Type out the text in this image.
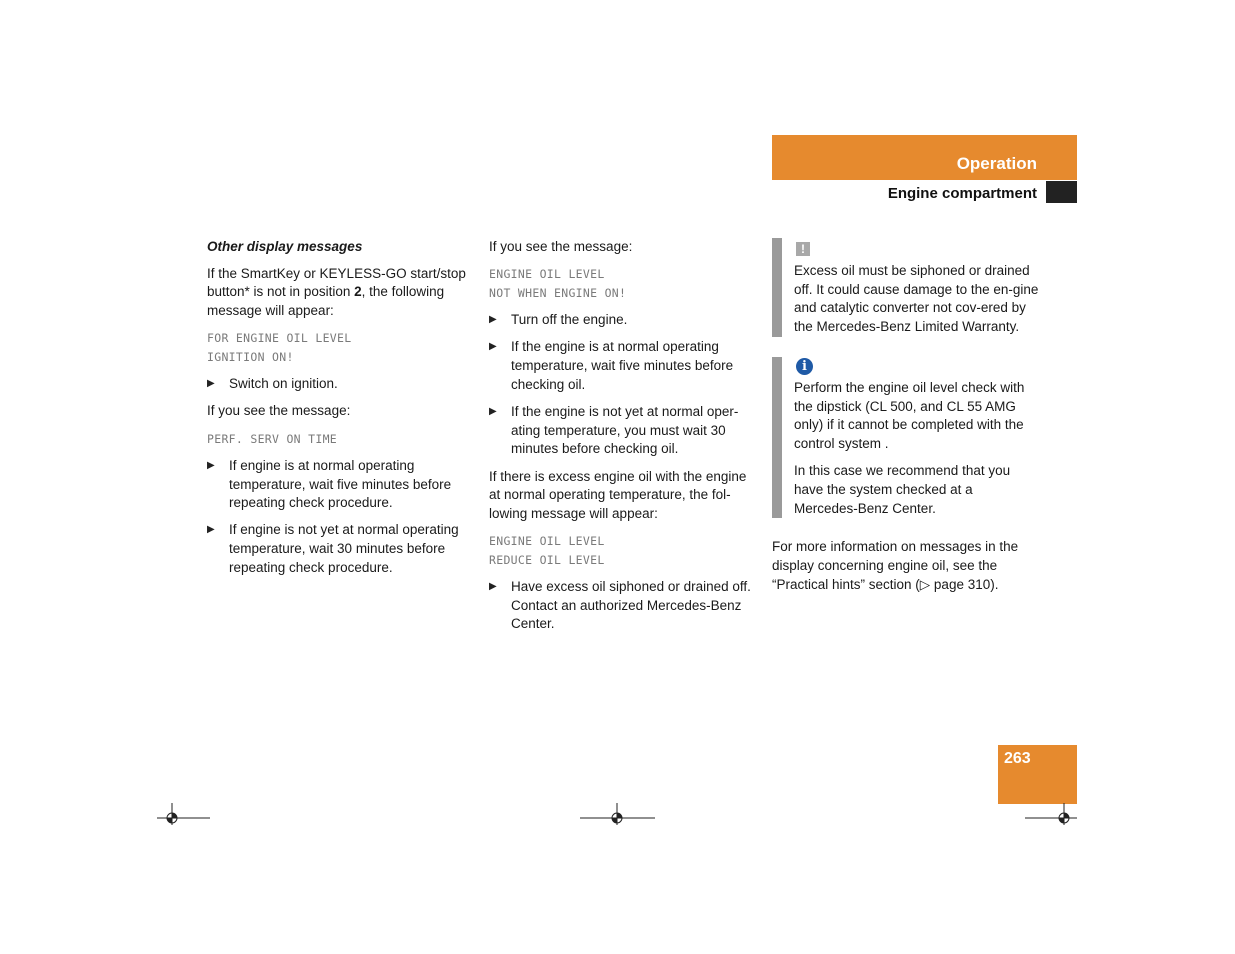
Operation
Engine compartment

Other display messages

If the SmartKey or KEYLESS-GO start/stop button* is not in position 2, the following message will appear:

FOR ENGINE OIL LEVEL
IGNITION ON!
▶ Switch on ignition.

If you see the message:

PERF. SERV ON TIME
▶ If engine is at normal operating temperature, wait five minutes before repeating check procedure.
▶ If engine is not yet at normal operating temperature, wait 30 minutes before repeating check procedure.

If you see the message:

ENGINE OIL LEVEL
NOT WHEN ENGINE ON!
▶ Turn off the engine.
▶ If the engine is at normal operating temperature, wait five minutes before checking oil.
▶ If the engine is not yet at normal oper-ating temperature, you must wait 30 minutes before checking oil.

If there is excess engine oil with the engine at normal operating temperature, the fol-lowing message will appear:

ENGINE OIL LEVEL
REDUCE OIL LEVEL
▶ Have excess oil siphoned or drained off. Contact an authorized Mercedes-Benz Center.
!
Excess oil must be siphoned or drained off. It could cause damage to the en-gine and catalytic converter not cov-ered by the Mercedes-Benz Limited Warranty.
i

Perform the engine oil level check with the dipstick (CL 500, and CL 55 AMG only) if it cannot be completed with the control system .

In this case we recommend that you have the system checked at a Mercedes-Benz Center.

For more information on messages in the display concerning engine oil, see the “Practical hints” section (▷ page 310).

263
